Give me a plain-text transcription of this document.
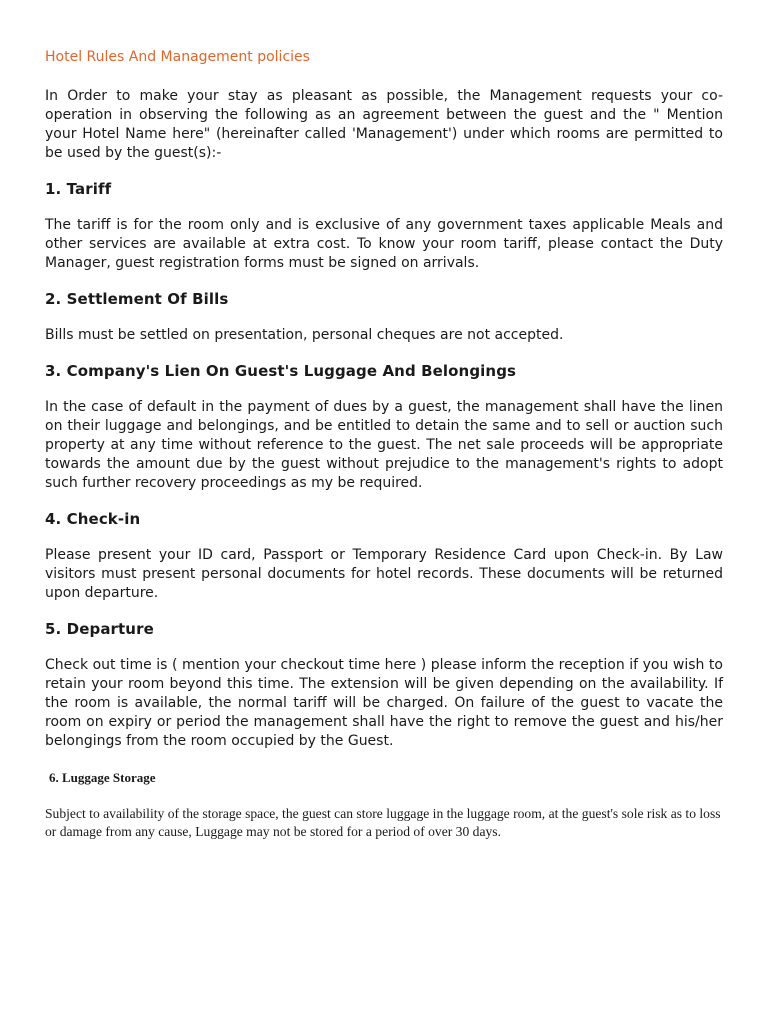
Hotel Rules And Management policies

In Order to make your stay as pleasant as possible, the Management requests your co-operation in observing the following as an agreement between the guest and the " Mention your Hotel Name here" (hereinafter called 'Management') under which rooms are permitted to be used by the guest(s):-

1. Tariff

The tariff is for the room only and is exclusive of any government taxes applicable Meals and other services are available at extra cost. To know your room tariff, please contact the Duty Manager, guest registration forms must be signed on arrivals.

2. Settlement Of Bills

Bills must be settled on presentation, personal cheques are not accepted.

3. Company's Lien On Guest's Luggage And Belongings

In the case of default in the payment of dues by a guest, the management shall have the linen on their luggage and belongings, and be entitled to detain the same and to sell or auction such property at any time without reference to the guest. The net sale proceeds will be appropriate towards the amount due by the guest without prejudice to the management's rights to adopt such further recovery proceedings as my be required.

4. Check-in

Please present your ID card, Passport or Temporary Residence Card upon Check-in. By Law visitors must present personal documents for hotel records. These documents will be returned upon departure.

5. Departure

Check out time is ( mention your checkout time here ) please inform the reception if you wish to retain your room beyond this time. The extension will be given depending on the availability. If the room is available, the normal tariff will be charged. On failure of the guest to vacate the room on expiry or period the management shall have the right to remove the guest and his/her belongings from the room occupied by the Guest.

6. Luggage Storage

Subject to availability of the storage space, the guest can store luggage in the luggage room, at the guest's sole risk as to loss or damage from any cause, Luggage may not be stored for a period of over 30 days.
